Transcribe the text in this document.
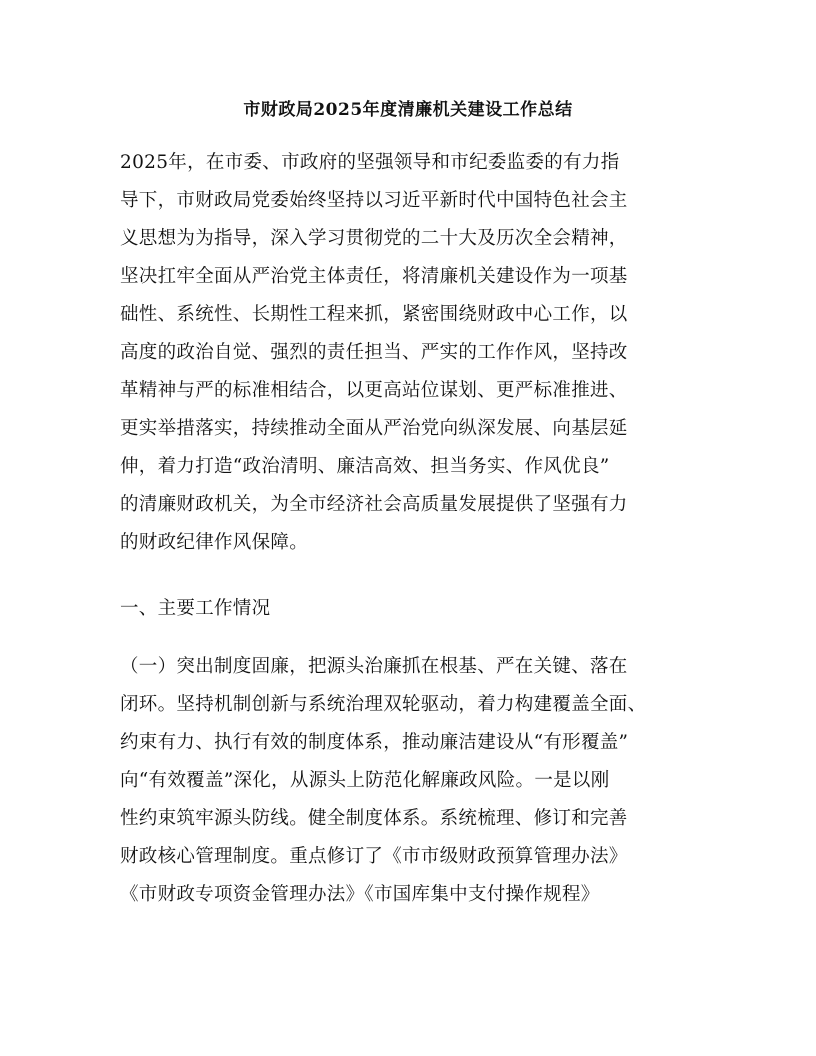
市财政局2025年度清廉机关建设工作总结
2025年，在市委、市政府的坚强领导和市纪委监委的有力指
导下，市财政局党委始终坚持以习近平新时代中国特色社会主
义思想为为指导，深入学习贯彻党的二十大及历次全会精神，
坚决扛牢全面从严治党主体责任，将清廉机关建设作为一项基
础性、系统性、长期性工程来抓，紧密围绕财政中心工作，以
高度的政治自觉、强烈的责任担当、严实的工作作风，坚持改
革精神与严的标准相结合，以更高站位谋划、更严标准推进、
更实举措落实，持续推动全面从严治党向纵深发展、向基层延
伸，着力打造“政治清明、廉洁高效、担当务实、作风优良”
的清廉财政机关，为全市经济社会高质量发展提供了坚强有力
的财政纪律作风保障。
一、主要工作情况
（一）突出制度固廉，把源头治廉抓在根基、严在关键、落在
闭环。坚持机制创新与系统治理双轮驱动，着力构建覆盖全面、
约束有力、执行有效的制度体系，推动廉洁建设从“有形覆盖”
向“有效覆盖”深化，从源头上防范化解廉政风险。一是以刚
性约束筑牢源头防线。健全制度体系。系统梳理、修订和完善
财政核心管理制度。重点修订了《市市级财政预算管理办法》
《市财政专项资金管理办法》《市国库集中支付操作规程》
